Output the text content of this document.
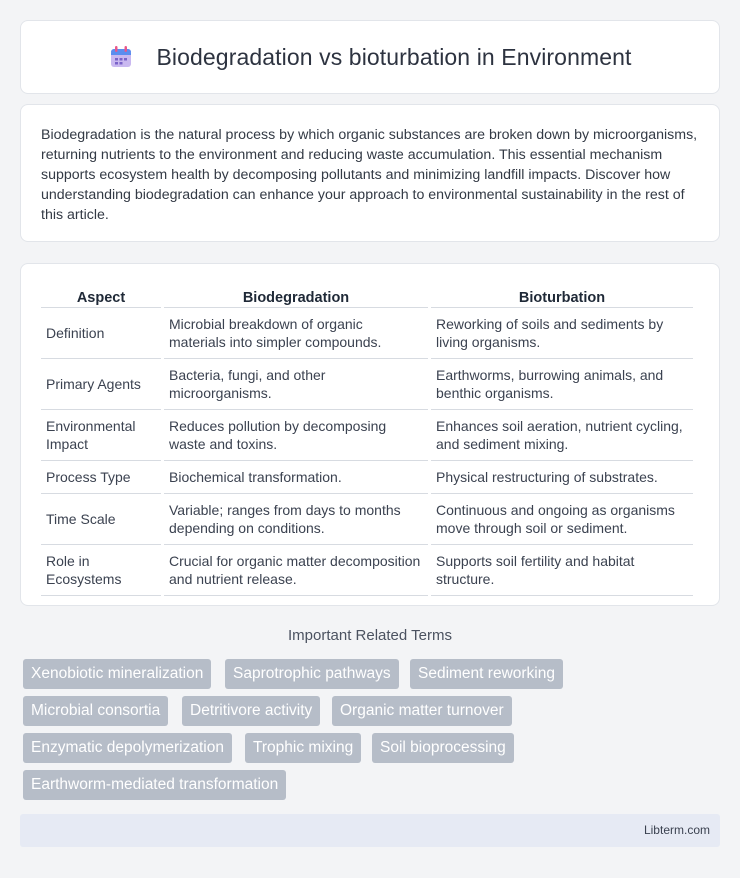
Biodegradation vs bioturbation in Environment

Biodegradation is the natural process by which organic substances are broken down by microorganisms, returning nutrients to the environment and reducing waste accumulation. This essential mechanism supports ecosystem health by decomposing pollutants and minimizing landfill impacts. Discover how understanding biodegradation can enhance your approach to environmental sustainability in the rest of this article.

Aspect	Biodegradation	Bioturbation
Definition	Microbial breakdown of organic materials into simpler compounds.	Reworking of soils and sediments by living organisms.
Primary Agents	Bacteria, fungi, and other microorganisms.	Earthworms, burrowing animals, and benthic organisms.
Environmental Impact	Reduces pollution by decomposing waste and toxins.	Enhances soil aeration, nutrient cycling, and sediment mixing.
Process Type	Biochemical transformation.	Physical restructuring of substrates.
Time Scale	Variable; ranges from days to months depending on conditions.	Continuous and ongoing as organisms move through soil or sediment.
Role in Ecosystems	Crucial for organic matter decomposition and nutrient release.	Supports soil fertility and habitat structure.
Important Related Terms
Xenobiotic mineralization	Saprotrophic pathways	Sediment reworking
Microbial consortia	Detritivore activity	Organic matter turnover
Enzymatic depolymerization	Trophic mixing	Soil bioprocessing
Earthworm-mediated transformation
Libterm.com
